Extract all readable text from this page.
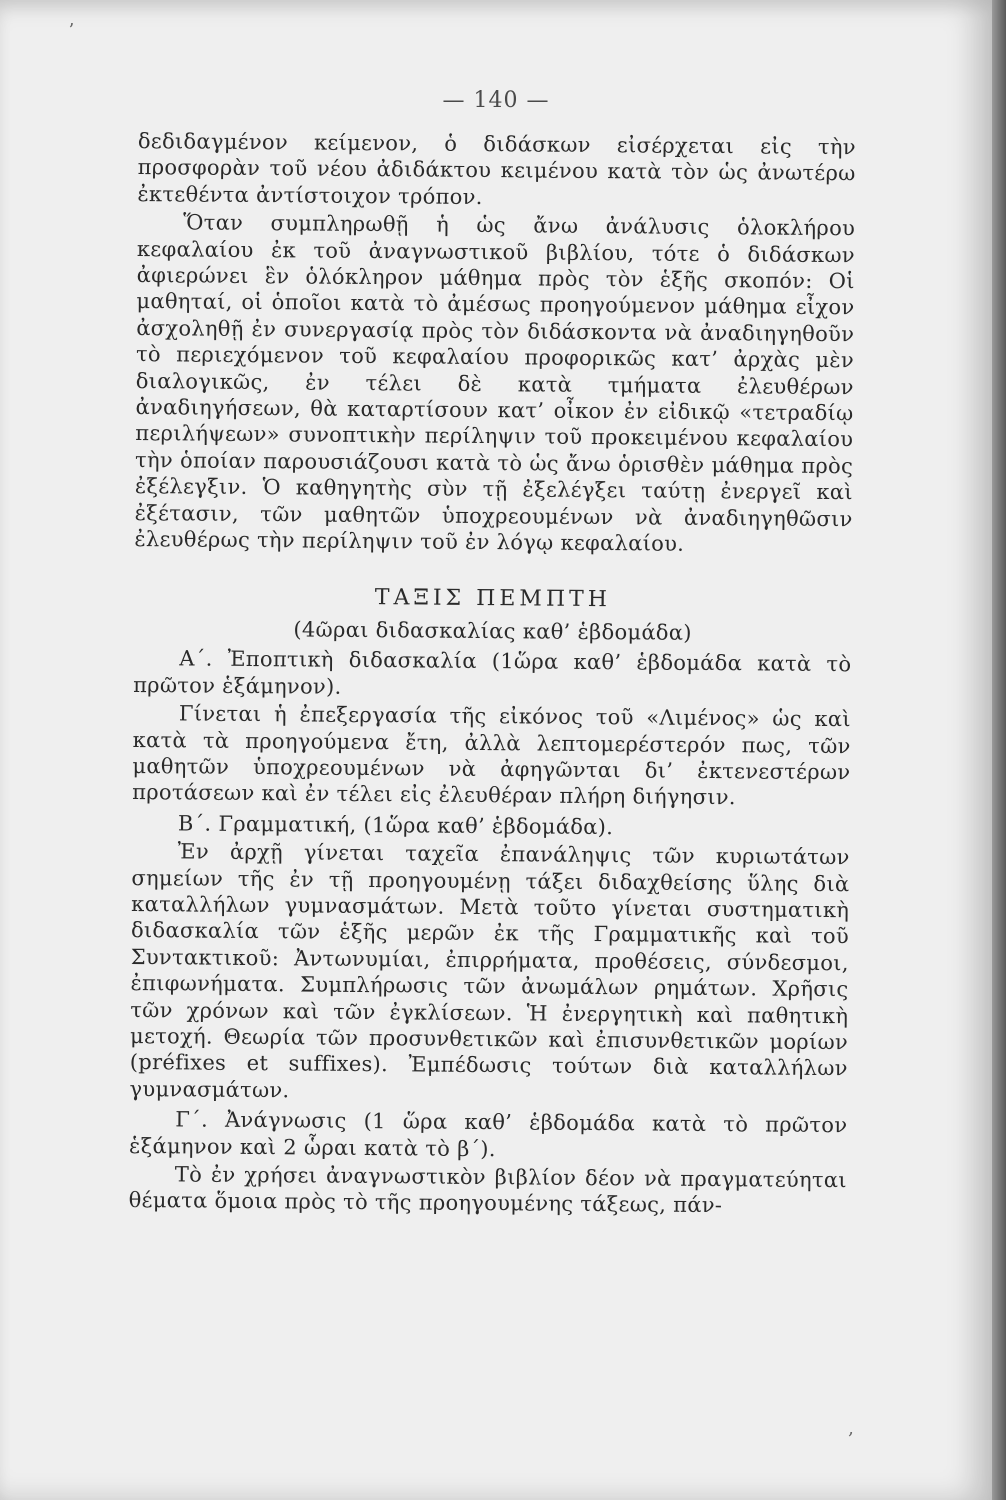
— 140 —

δεδιδαγμένον κείμενον, ὁ διδάσκων εἰσέρχεται εἰς τὴν προσφορὰν τοῦ νέου ἀδιδάκτου κειμένου κατὰ τὸν ὡς ἀνωτέρω ἐκτεθέντα ἀντίστοιχον τρόπον.

Ὅταν συμπληρωθῇ ἡ ὡς ἄνω ἀνάλυσις ὁλοκλήρου κεφαλαίου ἐκ τοῦ ἀναγνωστικοῦ βιβλίου, τότε ὁ διδάσκων ἀφιερώνει ἓν ὁλόκληρον μάθημα πρὸς τὸν ἑξῆς σκοπόν: Οἱ μαθηταί, οἱ ὁποῖοι κατὰ τὸ ἀμέσως προηγούμενον μάθημα εἶχον ἀσχοληθῇ ἐν συνεργασίᾳ πρὸς τὸν διδάσκοντα νὰ ἀναδιηγηθοῦν τὸ περιεχόμενον τοῦ κεφαλαίου προφορικῶς κατ’ ἀρχὰς μὲν διαλογικῶς, ἐν τέλει δὲ κατὰ τμήματα ἐλευθέρων ἀναδιηγήσεων, θὰ καταρτίσουν κατ’ οἶκον ἐν εἰδικῷ «τετραδίῳ περιλήψεων» συνοπτικὴν περίληψιν τοῦ προκειμένου κεφαλαίου τὴν ὁποίαν παρουσιάζουσι κατὰ τὸ ὡς ἄνω ὁρισθὲν μάθημα πρὸς ἐξέλεγξιν. Ὁ καθηγητὴς σὺν τῇ ἐξελέγξει ταύτῃ ἐνεργεῖ καὶ ἐξέτασιν, τῶν μαθητῶν ὑποχρεουμένων νὰ ἀναδιηγηθῶσιν ἐλευθέρως τὴν περίληψιν τοῦ ἐν λόγῳ κεφαλαίου.

ΤΑΞΙΣ ΠΕΜΠΤΗ

(4ῶραι διδασκαλίας καθ’ ἑβδομάδα)

Α΄. Ἐποπτικὴ διδασκαλία (1ὥρα καθ’ ἑβδομάδα κατὰ τὸ πρῶτον ἑξάμηνον).

Γίνεται ἡ ἐπεξεργασία τῆς εἰκόνος τοῦ «Λιμένος» ὡς καὶ κατὰ τὰ προηγούμενα ἔτη, ἀλλὰ λεπτομερέστερόν πως, τῶν μαθητῶν ὑποχρεουμένων νὰ ἀφηγῶνται δι’ ἐκτενεστέρων προτάσεων καὶ ἐν τέλει εἰς ἐλευθέραν πλήρη διήγησιν.

Β΄. Γραμματική, (1ὥρα καθ’ ἑβδομάδα).

Ἐν ἀρχῇ γίνεται ταχεῖα ἐπανάληψις τῶν κυριωτάτων σημείων τῆς ἐν τῇ προηγουμένῃ τάξει διδαχθείσης ὕλης διὰ καταλλήλων γυμνασμάτων. Μετὰ τοῦτο γίνεται συστηματικὴ διδασκαλία τῶν ἑξῆς μερῶν ἐκ τῆς Γραμματικῆς καὶ τοῦ Συντακτικοῦ: Ἀντωνυμίαι, ἐπιρρήματα, προθέσεις, σύνδεσμοι, ἐπιφωνήματα. Συμπλήρωσις τῶν ἀνωμάλων ρημάτων. Χρῆσις τῶν χρόνων καὶ τῶν ἐγκλίσεων. Ἡ ἐνεργητικὴ καὶ παθητικὴ μετοχή. Θεωρία τῶν προσυνθετικῶν καὶ ἐπισυνθετικῶν μορίων (préfixes et suffixes). Ἐμπέδωσις τούτων διὰ καταλλήλων γυμνασμάτων.

Γ΄. Ἀνάγνωσις (1 ὥρα καθ’ ἑβδομάδα κατὰ τὸ πρῶτον ἑξάμηνον καὶ 2 ὧραι κατὰ τὸ β΄).

Τὸ ἐν χρήσει ἀναγνωστικὸν βιβλίον δέον νὰ πραγματεύηται θέματα ὅμοια πρὸς τὸ τῆς προηγουμένης τάξεως, πάν-

ʼ
‚
